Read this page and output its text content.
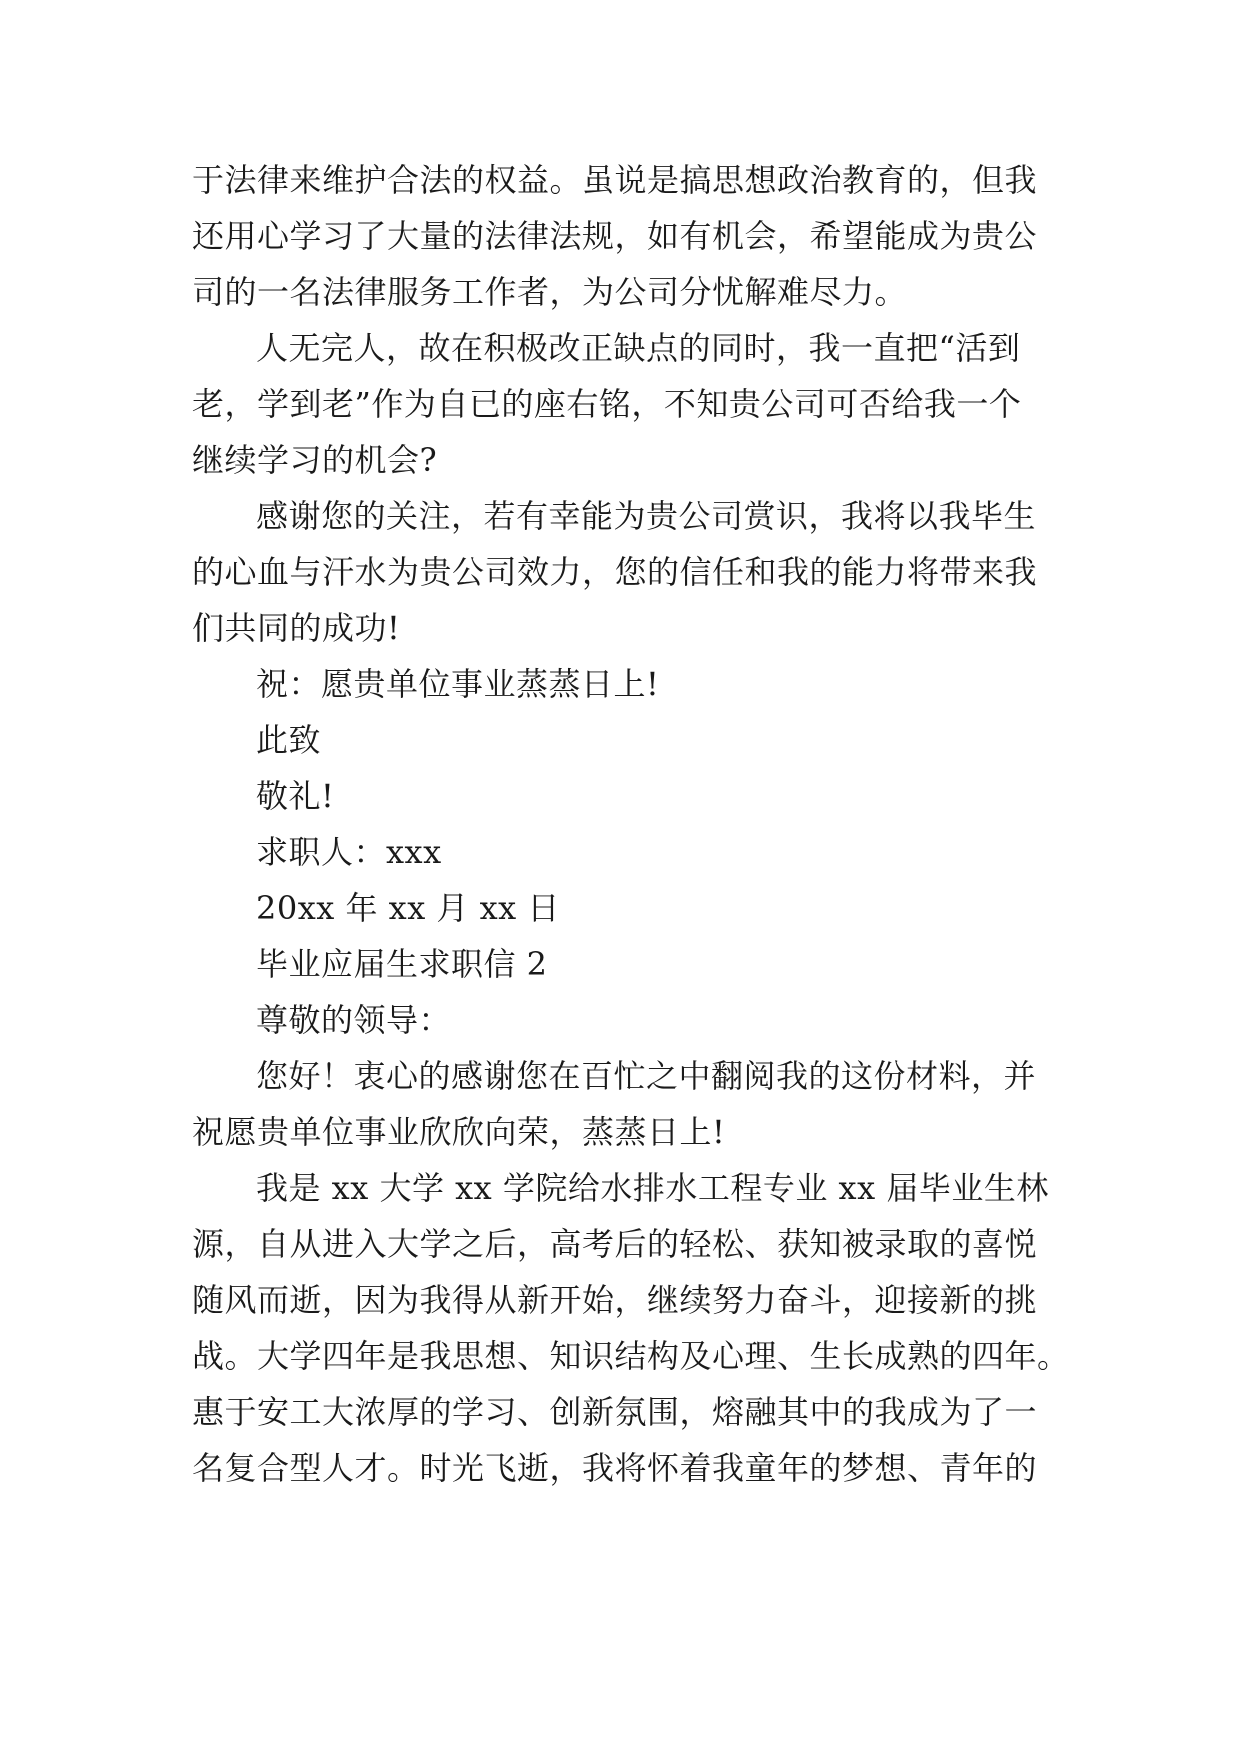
于法律来维护合法的权益。虽说是搞思想政治教育的，但我
还用心学习了大量的法律法规，如有机会，希望能成为贵公
司的一名法律服务工作者，为公司分忧解难尽力。
人无完人，故在积极改正缺点的同时，我一直把“活到
老，学到老”作为自已的座右铭，不知贵公司可否给我一个
继续学习的机会?
感谢您的关注，若有幸能为贵公司赏识，我将以我毕生
的心血与汗水为贵公司效力，您的信任和我的能力将带来我
们共同的成功!
祝：愿贵单位事业蒸蒸日上!
此致
敬礼!
求职人：xxx
20xx 年 xx 月 xx 日
毕业应届生求职信 2
尊敬的领导：
您好！衷心的感谢您在百忙之中翻阅我的这份材料，并
祝愿贵单位事业欣欣向荣，蒸蒸日上!
我是 xx 大学 xx 学院给水排水工程专业 xx 届毕业生林
源，自从进入大学之后，高考后的轻松、获知被录取的喜悦
随风而逝，因为我得从新开始，继续努力奋斗，迎接新的挑
战。大学四年是我思想、知识结构及心理、生长成熟的四年。
惠于安工大浓厚的学习、创新氛围，熔融其中的我成为了一
名复合型人才。时光飞逝，我将怀着我童年的梦想、青年的
